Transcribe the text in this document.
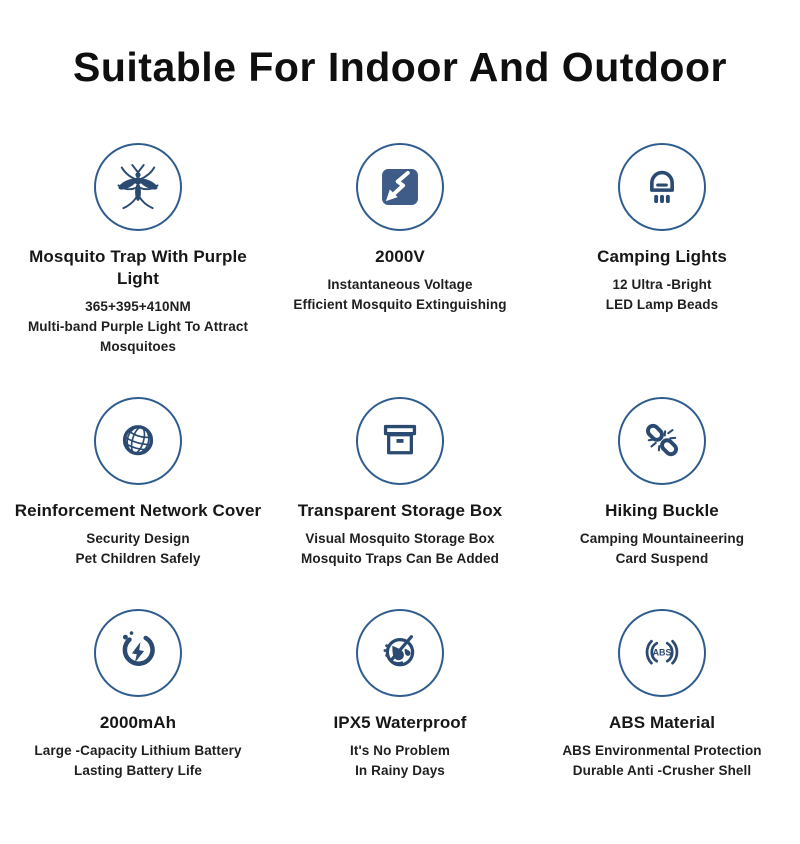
Suitable For Indoor And Outdoor
Mosquito Trap With Purple Light

365+395+410NM

Multi-band Purple Light To Attract Mosquitoes

2000V

Instantaneous Voltage

Efficient Mosquito Extinguishing

Camping Lights

12 Ultra -Bright

LED Lamp Beads

Reinforcement Network Cover

Security Design

Pet Children Safely

Transparent Storage Box

Visual Mosquito Storage Box

Mosquito Traps Can Be Added

Hiking Buckle

Camping Mountaineering

Card Suspend

2000mAh

Large -Capacity Lithium Battery

Lasting Battery Life

IPX5 Waterproof

It's No Problem

In Rainy Days

ABS
ABS Material

ABS Environmental Protection

Durable Anti -Crusher Shell
